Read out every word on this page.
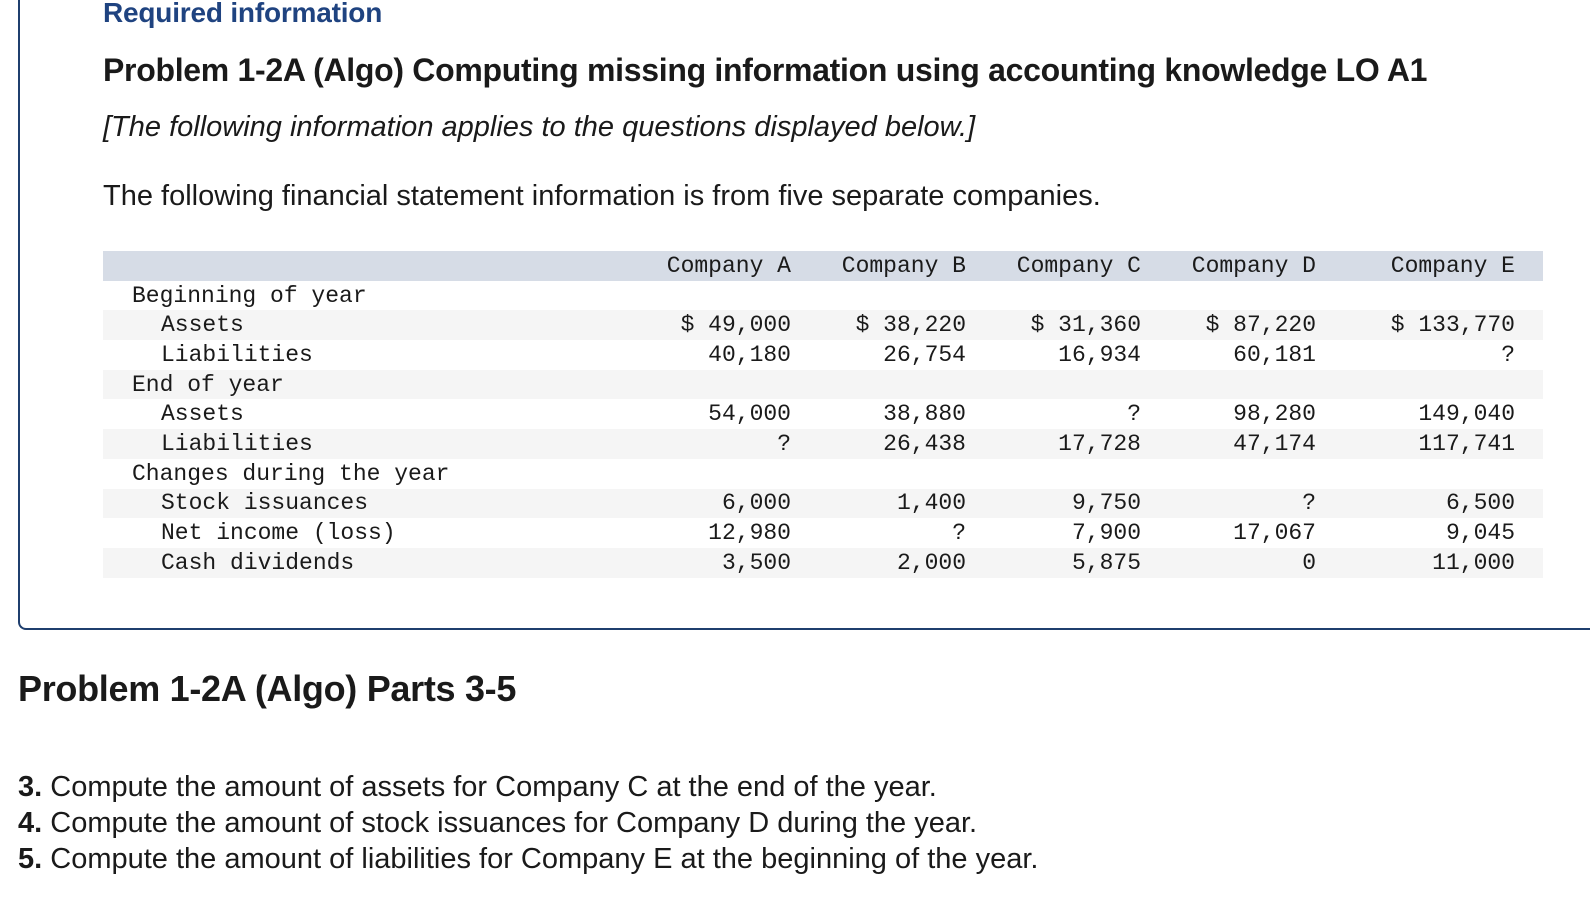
Required information
Problem 1-2A (Algo) Computing missing information using accounting knowledge LO A1
[The following information applies to the questions displayed below.]
The following financial statement information is from five separate companies.
	Company A	Company B	Company C	Company D	Company E
Beginning of year					
Assets	$ 49,000	$ 38,220	$ 31,360	$ 87,220	$ 133,770
Liabilities	40,180	26,754	16,934	60,181	?
End of year					
Assets	54,000	38,880	?	98,280	149,040
Liabilities	?	26,438	17,728	47,174	117,741
Changes during the year					
Stock issuances	6,000	1,400	9,750	?	6,500
Net income (loss)	12,980	?	7,900	17,067	9,045
Cash dividends	3,500	2,000	5,875	0	11,000
Problem 1-2A (Algo) Parts 3-5
3. Compute the amount of assets for Company C at the end of the year.
4. Compute the amount of stock issuances for Company D during the year.
5. Compute the amount of liabilities for Company E at the beginning of the year.
